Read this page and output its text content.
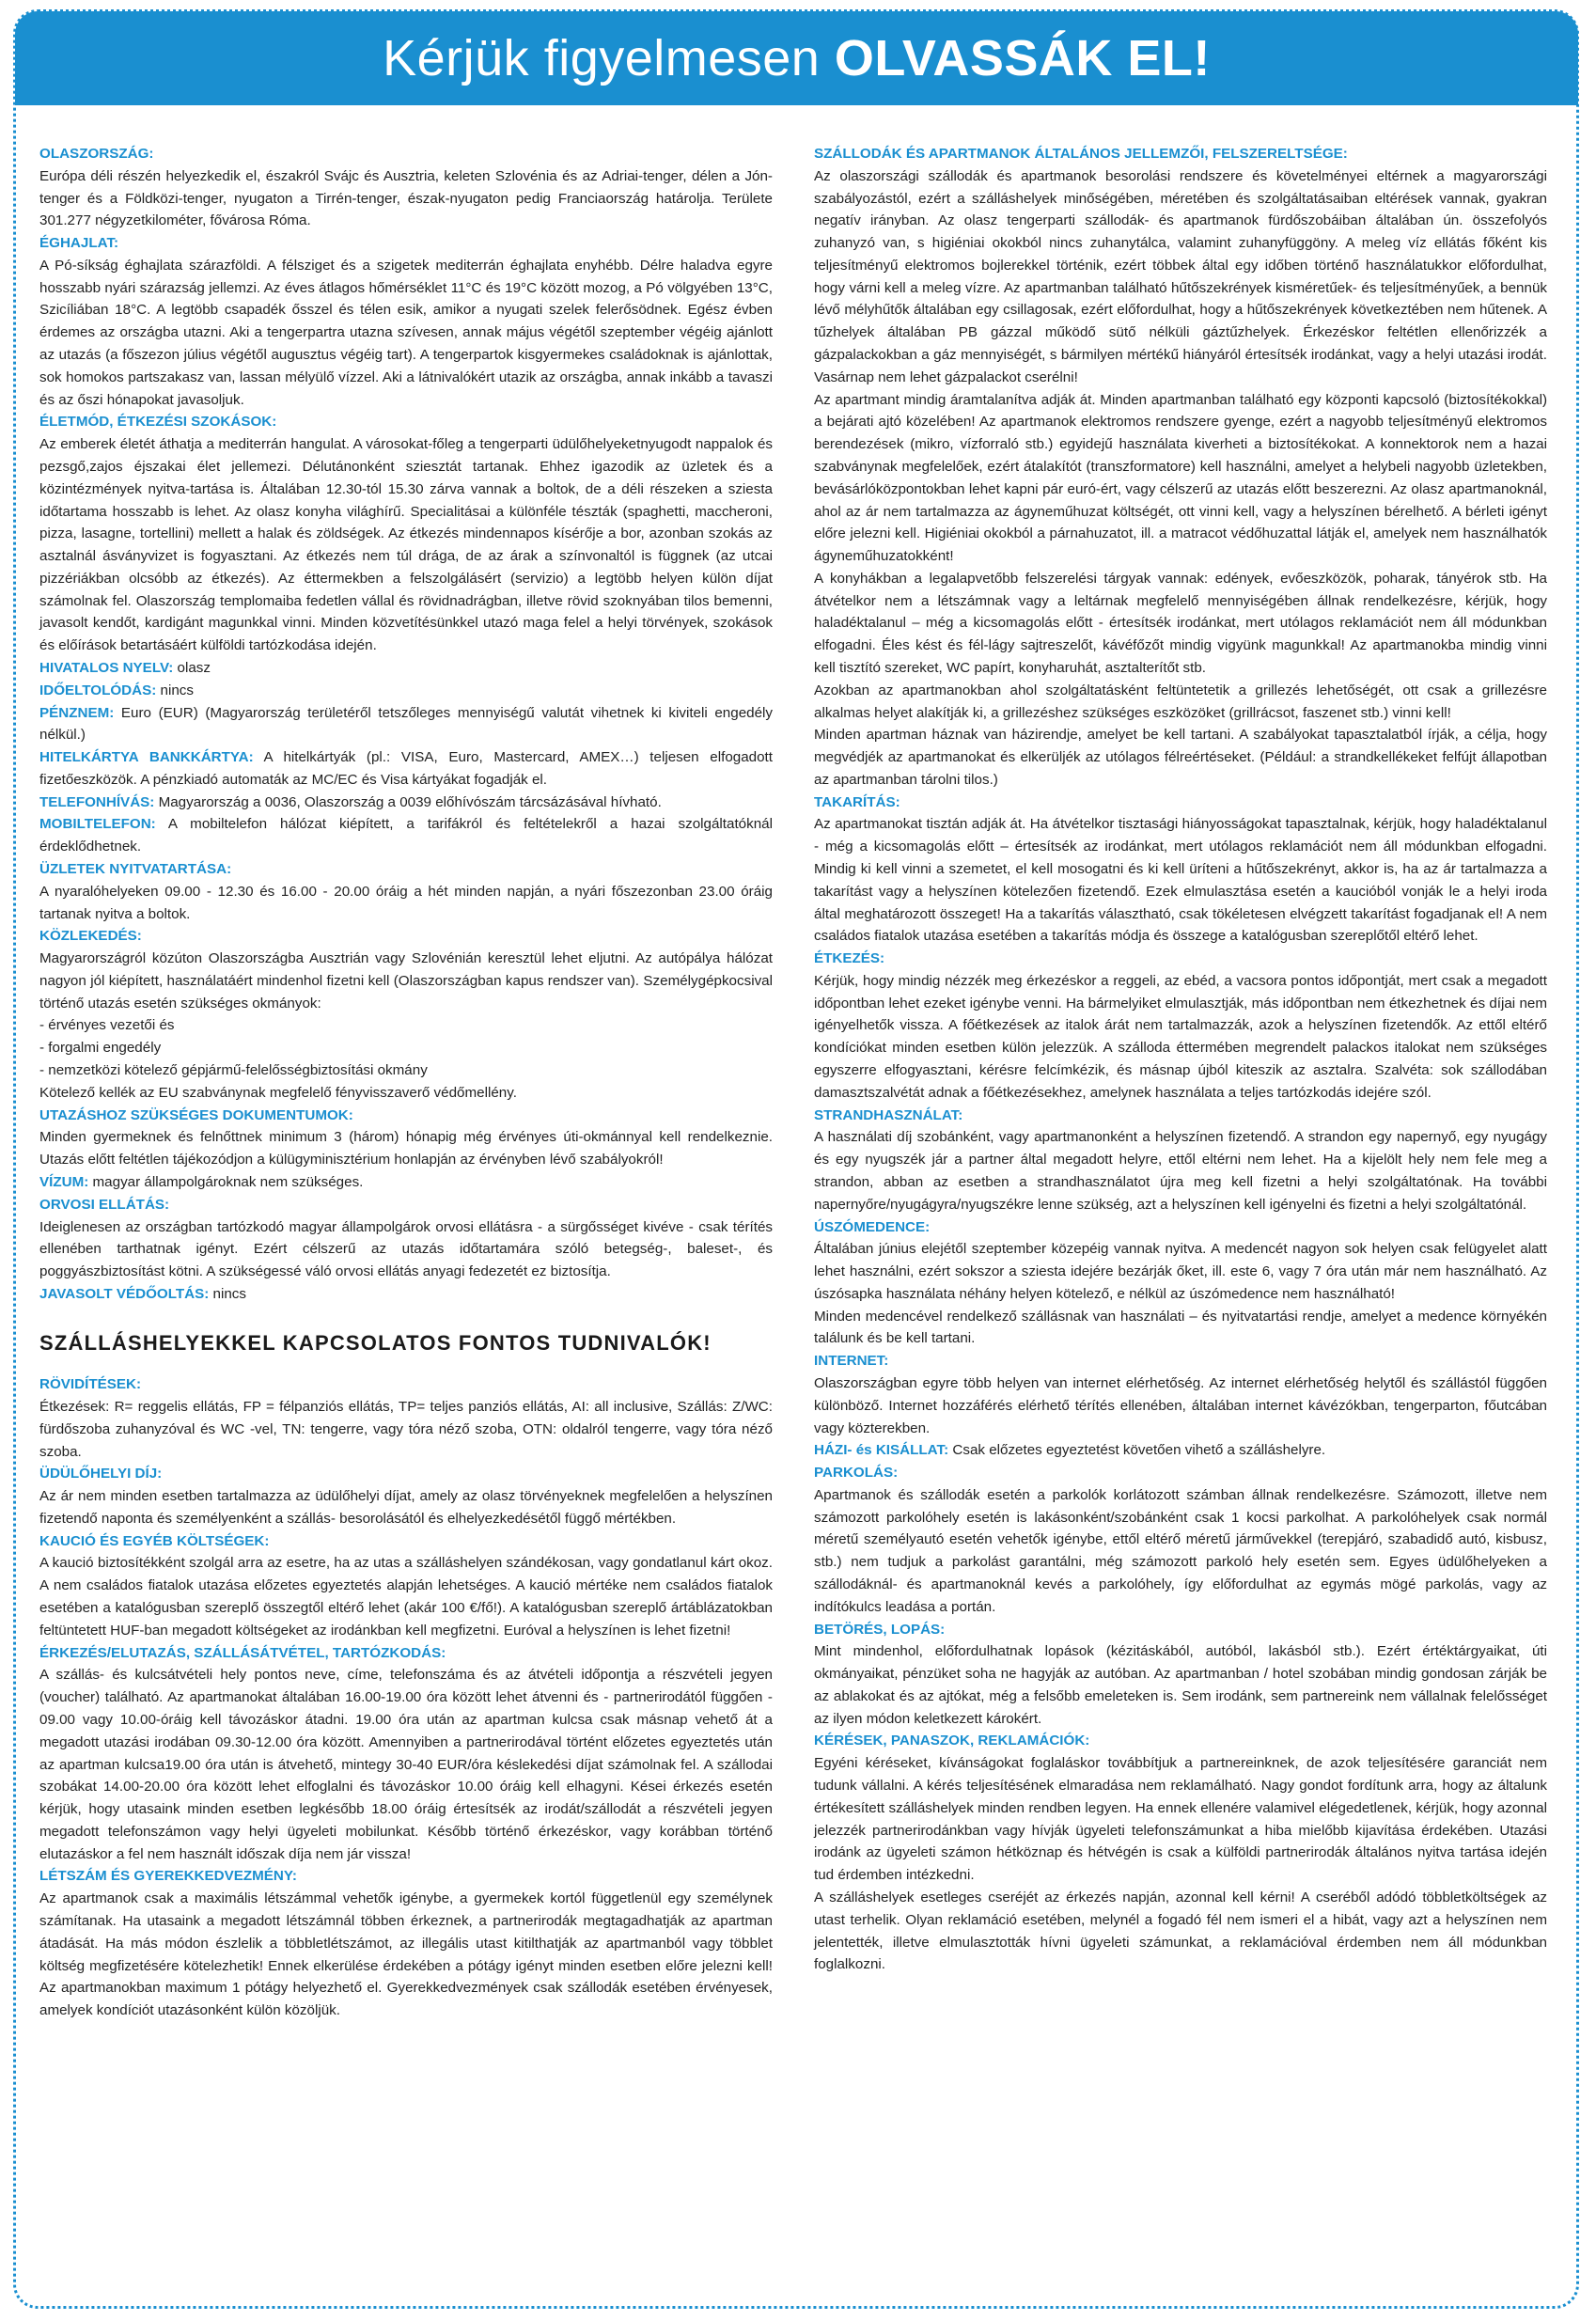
Kérjük figyelmesen OLVASSÁK EL!
OLASZORSZÁG:

Európa déli részén helyezkedik el, északról Svájc és Ausztria, keleten Szlovénia és az Adriai-tenger, délen a Jón-tenger és a Földközi-tenger, nyugaton a Tirrén-tenger, észak-nyugaton pedig Franciaország határolja. Területe 301.277 négyzetkilométer, fővárosa Róma.

ÉGHAJLAT:

A Pó-síkság éghajlata szárazföldi. A félsziget és a szigetek mediterrán éghajlata enyhébb. Délre haladva egyre hosszabb nyári szárazság jellemzi. Az éves átlagos hőmérséklet 11°C és 19°C között mozog, a Pó völgyében 13°C, Szicíliában 18°C. A legtöbb csapadék ősszel és télen esik, amikor a nyugati szelek felerősödnek. Egész évben érdemes az országba utazni. Aki a tengerpartra utazna szívesen, annak május végétől szeptember végéig ajánlott az utazás (a főszezon július végétől augusztus végéig tart). A tengerpartok kisgyermekes családoknak is ajánlottak, sok homokos partszakasz van, lassan mélyülő vízzel. Aki a látnivalókért utazik az országba, annak inkább a tavaszi és az őszi hónapokat javasoljuk.

ÉLETMÓD, ÉTKEZÉSI SZOKÁSOK:

Az emberek életét áthatja a mediterrán hangulat. A városokat-főleg a tengerparti üdülőhelyeketnyugodt nappalok és pezsgő,zajos éjszakai élet jellemezi. Délutánonként sziesztát tartanak. Ehhez igazodik az üzletek és a közintézmények nyitva-tartása is. Általában 12.30-tól 15.30 zárva vannak a boltok, de a déli részeken a sziesta időtartama hosszabb is lehet. Az olasz konyha világhírű. Specialitásai a különféle tészták (spaghetti, maccheroni, pizza, lasagne, tortellini) mellett a halak és zöldségek. Az étkezés mindennapos kísérője a bor, azonban szokás az asztalnál ásványvizet is fogyasztani. Az étkezés nem túl drága, de az árak a színvonaltól is függnek (az utcai pizzériákban olcsóbb az étkezés). Az éttermekben a felszolgálásért (servizio) a legtöbb helyen külön díjat számolnak fel. Olaszország templomaiba fedetlen vállal és rövidnadrágban, illetve rövid szoknyában tilos bemenni, javasolt kendőt, kardigánt magunkkal vinni. Minden közvetítésünkkel utazó maga felel a helyi törvények, szokások és előírások betartásáért külföldi tartózkodása idején.

HIVATALOS NYELV: olasz

IDŐELTOLÓDÁS: nincs

PÉNZNEM: Euro (EUR) (Magyarország területéről tetszőleges mennyiségű valutát vihetnek ki kiviteli engedély nélkül.)

HITELKÁRTYA BANKKÁRTYA: A hitelkártyák (pl.: VISA, Euro, Mastercard, AMEX…) teljesen elfogadott fizetőeszközök. A pénzkiadó automaták az MC/EC és Visa kártyákat fogadják el.

TELEFONHÍVÁS: Magyarország a 0036, Olaszország a 0039 előhívószám tárcsázásával hívható.

MOBILTELEFON: A mobiltelefon hálózat kiépített, a tarifákról és feltételekről a hazai szolgáltatóknál érdeklődhetnek.

ÜZLETEK NYITVATARTÁSA:

A nyaralóhelyeken 09.00 - 12.30 és 16.00 - 20.00 óráig a hét minden napján, a nyári főszezonban 23.00 óráig tartanak nyitva a boltok.

KÖZLEKEDÉS:

Magyarországról közúton Olaszországba Ausztrián vagy Szlovénián keresztül lehet eljutni. Az autópálya hálózat nagyon jól kiépített, használatáért mindenhol fizetni kell (Olaszországban kapus rendszer van). Személygépkocsival történő utazás esetén szükséges okmányok:

- érvényes vezetői és

- forgalmi engedély

- nemzetközi kötelező gépjármű-felelősségbiztosítási okmány

Kötelező kellék az EU szabványnak megfelelő fényvisszaverő védőmellény.

UTAZÁSHOZ SZÜKSÉGES DOKUMENTUMOK:

Minden gyermeknek és felnőttnek minimum 3 (három) hónapig még érvényes úti-okmánnyal kell rendelkeznie. Utazás előtt feltétlen tájékozódjon a külügyminisztérium honlapján az érvényben lévő szabályokról!

VÍZUM: magyar állampolgároknak nem szükséges.

ORVOSI ELLÁTÁS:

Ideiglenesen az országban tartózkodó magyar állampolgárok orvosi ellátásra - a sürgősséget kivéve - csak térítés ellenében tarthatnak igényt. Ezért célszerű az utazás időtartamára szóló betegség-, baleset-, és poggyászbiztosítást kötni. A szükségessé váló orvosi ellátás anyagi fedezetét ez biztosítja.

JAVASOLT VÉDŐOLTÁS: nincs

SZÁLLÁSHELYEKKEL KAPCSOLATOS FONTOS TUDNIVALÓK!
RÖVIDÍTÉSEK:

Étkezések: R= reggelis ellátás, FP = félpanziós ellátás, TP= teljes panziós ellátás, AI: all inclusive, Szállás: Z/WC: fürdőszoba zuhanyzóval és WC -vel, TN: tengerre, vagy tóra néző szoba, OTN: oldalról tengerre, vagy tóra néző szoba.

ÜDÜLŐHELYI DÍJ:

Az ár nem minden esetben tartalmazza az üdülőhelyi díjat, amely az olasz törvényeknek megfelelően a helyszínen fizetendő naponta és személyenként a szállás- besorolásától és elhelyezkedésétől függő mértékben.

KAUCIÓ ÉS EGYÉB KÖLTSÉGEK:

A kaució biztosítékként szolgál arra az esetre, ha az utas a szálláshelyen szándékosan, vagy gondatlanul kárt okoz. A nem családos fiatalok utazása előzetes egyeztetés alapján lehetséges. A kaució mértéke nem családos fiatalok esetében a katalógusban szereplő összegtől eltérő lehet (akár 100 €/fő!). A katalógusban szereplő ártáblázatokban feltüntetett HUF-ban megadott költségeket az irodánkban kell megfizetni. Euróval a helyszínen is lehet fizetni!

ÉRKEZÉS/ELUTAZÁS, SZÁLLÁSÁTVÉTEL, TARTÓZKODÁS:

A szállás- és kulcsátvételi hely pontos neve, címe, telefonszáma és az átvételi időpontja a részvételi jegyen (voucher) található. Az apartmanokat általában 16.00-19.00 óra között lehet átvenni és - partnerirodától függően - 09.00 vagy 10.00-óráig kell távozáskor átadni. 19.00 óra után az apartman kulcsa csak másnap vehető át a megadott utazási irodában 09.30-12.00 óra között. Amennyiben a partnerirodával történt előzetes egyeztetés után az apartman kulcsa19.00 óra után is átvehető, mintegy 30-40 EUR/óra késlekedési díjat számolnak fel. A szállodai szobákat 14.00-20.00 óra között lehet elfoglalni és távozáskor 10.00 óráig kell elhagyni. Kései érkezés esetén kérjük, hogy utasaink minden esetben legkésőbb 18.00 óráig értesítsék az irodát/szállodát a részvételi jegyen megadott telefonszámon vagy helyi ügyeleti mobilunkat. Később történő érkezéskor, vagy korábban történő elutazáskor a fel nem használt időszak díja nem jár vissza!

LÉTSZÁM ÉS GYEREKKEDVEZMÉNY:

Az apartmanok csak a maximális létszámmal vehetők igénybe, a gyermekek kortól függetlenül egy személynek számítanak. Ha utasaink a megadott létszámnál többen érkeznek, a partnerirodák megtagadhatják az apartman átadását. Ha más módon észlelik a többletlétszámot, az illegális utast kitilthatják az apartmanból vagy többlet költség megfizetésére kötelezhetik! Ennek elkerülése érdekében a pótágy igényt minden esetben előre jelezni kell! Az apartmanokban maximum 1 pótágy helyezhető el. Gyerekkedvezmények csak szállodák esetében érvényesek, amelyek kondíciót utazásonként külön közöljük.

SZÁLLODÁK ÉS APARTMANOK ÁLTALÁNOS JELLEMZŐI, FELSZERELTSÉGE:

Az olaszországi szállodák és apartmanok besorolási rendszere és követelményei eltérnek a magyarországi szabályozástól, ezért a szálláshelyek minőségében, méretében és szolgáltatásaiban eltérések vannak, gyakran negatív irányban. Az olasz tengerparti szállodák- és apartmanok fürdőszobáiban általában ún. összefolyós zuhanyzó van, s higiéniai okokból nincs zuhanytálca, valamint zuhanyfüggöny. A meleg víz ellátás főként kis teljesítményű elektromos bojlerekkel történik, ezért többek által egy időben történő használatukkor előfordulhat, hogy várni kell a meleg vízre. Az apartmanban található hűtőszekrények kisméretűek- és teljesítményűek, a bennük lévő mélyhűtők általában egy csillagosak, ezért előfordulhat, hogy a hűtőszekrények következtében nem hűtenek. A tűzhelyek általában PB gázzal működő sütő nélküli gáztűzhelyek. Érkezéskor feltétlen ellenőrizzék a gázpalackokban a gáz mennyiségét, s bármilyen mértékű hiányáról értesítsék irodánkat, vagy a helyi utazási irodát. Vasárnap nem lehet gázpalackot cserélni!

Az apartmant mindig áramtalanítva adják át. Minden apartmanban található egy központi kapcsoló (biztosítékokkal) a bejárati ajtó közelében! Az apartmanok elektromos rendszere gyenge, ezért a nagyobb teljesítményű elektromos berendezések (mikro, vízforraló stb.) egyidejű használata kiverheti a biztosítékokat. A konnektorok nem a hazai szabványnak megfelelőek, ezért átalakítót (transzformatore) kell használni, amelyet a helybeli nagyobb üzletekben, bevásárlóközpontokban lehet kapni pár euró-ért, vagy célszerű az utazás előtt beszerezni. Az olasz apartmanoknál, ahol az ár nem tartalmazza az ágyneműhuzat költségét, ott vinni kell, vagy a helyszínen bérelhető. A bérleti igényt előre jelezni kell. Higiéniai okokból a párnahuzatot, ill. a matracot védőhuzattal látják el, amelyek nem használhatók ágyneműhuzatokként!

A konyhákban a legalapvetőbb felszerelési tárgyak vannak: edények, evőeszközök, poharak, tányérok stb. Ha átvételkor nem a létszámnak vagy a leltárnak megfelelő mennyiségében állnak rendelkezésre, kérjük, hogy haladéktalanul – még a kicsomagolás előtt - értesítsék irodánkat, mert utólagos reklamációt nem áll módunkban elfogadni. Éles kést és fél-lágy sajtreszelőt, kávéfőzőt mindig vigyünk magunkkal! Az apartmanokba mindig vinni kell tisztító szereket, WC papírt, konyharuhát, asztalterítőt stb.

Azokban az apartmanokban ahol szolgáltatásként feltüntetetik a grillezés lehetőségét, ott csak a grillezésre alkalmas helyet alakítják ki, a grillezéshez szükséges eszközöket (grillrácsot, faszenet stb.) vinni kell!

Minden apartman háznak van házirendje, amelyet be kell tartani. A szabályokat tapasztalatból írják, a célja, hogy megvédjék az apartmanokat és elkerüljék az utólagos félreértéseket. (Például: a strandkellékeket felfújt állapotban az apartmanban tárolni tilos.)

TAKARÍTÁS:

Az apartmanokat tisztán adják át. Ha átvételkor tisztasági hiányosságokat tapasztalnak, kérjük, hogy haladéktalanul - még a kicsomagolás előtt – értesítsék az irodánkat, mert utólagos reklamációt nem áll módunkban elfogadni. Mindig ki kell vinni a szemetet, el kell mosogatni és ki kell üríteni a hűtőszekrényt, akkor is, ha az ár tartalmazza a takarítást vagy a helyszínen kötelezően fizetendő. Ezek elmulasztása esetén a kaucióból vonják le a helyi iroda által meghatározott összeget! Ha a takarítás választható, csak tökéletesen elvégzett takarítást fogadjanak el! A nem családos fiatalok utazása esetében a takarítás módja és összege a katalógusban szereplőtől eltérő lehet.

ÉTKEZÉS:

Kérjük, hogy mindig nézzék meg érkezéskor a reggeli, az ebéd, a vacsora pontos időpontját, mert csak a megadott időpontban lehet ezeket igénybe venni. Ha bármelyiket elmulasztják, más időpontban nem étkezhetnek és díjai nem igényelhetők vissza. A főétkezések az italok árát nem tartalmazzák, azok a helyszínen fizetendők. Az ettől eltérő kondíciókat minden esetben külön jelezzük. A szálloda éttermében megrendelt palackos italokat nem szükséges egyszerre elfogyasztani, kérésre felcímkézik, és másnap újból kiteszik az asztalra. Szalvéta: sok szállodában damasztszalvétát adnak a főétkezésekhez, amelynek használata a teljes tartózkodás idejére szól.

STRANDHASZNÁLAT:

A használati díj szobánként, vagy apartmanonként a helyszínen fizetendő. A strandon egy napernyő, egy nyugágy és egy nyugszék jár a partner által megadott helyre, ettől eltérni nem lehet. Ha a kijelölt hely nem fele meg a strandon, abban az esetben a strandhasználatot újra meg kell fizetni a helyi szolgáltatónak. Ha további napernyőre/nyugágyra/nyugszékre lenne szükség, azt a helyszínen kell igényelni és fizetni a helyi szolgáltatónál.

ÚSZÓMEDENCE:

Általában június elejétől szeptember közepéig vannak nyitva. A medencét nagyon sok helyen csak felügyelet alatt lehet használni, ezért sokszor a sziesta idejére bezárják őket, ill. este 6, vagy 7 óra után már nem használható. Az úszósapka használata néhány helyen kötelező, e nélkül az úszómedence nem használható!

Minden medencével rendelkező szállásnak van használati – és nyitvatartási rendje, amelyet a medence környékén találunk és be kell tartani.

INTERNET:

Olaszországban egyre több helyen van internet elérhetőség. Az internet elérhetőség helytől és szállástól függően különböző. Internet hozzáférés elérhető térítés ellenében, általában internet kávézókban, tengerparton, főutcában vagy közterekben.

HÁZI- és KISÁLLAT: Csak előzetes egyeztetést követően vihető a szálláshelyre.

PARKOLÁS:

Apartmanok és szállodák esetén a parkolók korlátozott számban állnak rendelkezésre. Számozott, illetve nem számozott parkolóhely esetén is lakásonként/szobánként csak 1 kocsi parkolhat. A parkolóhelyek csak normál méretű személyautó esetén vehetők igénybe, ettől eltérő méretű járművekkel (terepjáró, szabadidő autó, kisbusz, stb.) nem tudjuk a parkolást garantálni, még számozott parkoló hely esetén sem. Egyes üdülőhelyeken a szállodáknál- és apartmanoknál kevés a parkolóhely, így előfordulhat az egymás mögé parkolás, vagy az indítókulcs leadása a portán.

BETÖRÉS, LOPÁS:

Mint mindenhol, előfordulhatnak lopások (kézitáskából, autóból, lakásból stb.). Ezért értéktárgyaikat, úti okmányaikat, pénzüket soha ne hagyják az autóban. Az apartmanban / hotel szobában mindig gondosan zárják be az ablakokat és az ajtókat, még a felsőbb emeleteken is. Sem irodánk, sem partnereink nem vállalnak felelősséget az ilyen módon keletkezett károkért.

KÉRÉSEK, PANASZOK, REKLAMÁCIÓK:

Egyéni kéréseket, kívánságokat foglaláskor továbbítjuk a partnereinknek, de azok teljesítésére garanciát nem tudunk vállalni. A kérés teljesítésének elmaradása nem reklamálható. Nagy gondot fordítunk arra, hogy az általunk értékesített szálláshelyek minden rendben legyen. Ha ennek ellenére valamivel elégedetlenek, kérjük, hogy azonnal jelezzék partnerirodánkban vagy hívják ügyeleti telefonszámunkat a hiba mielőbb kijavítása érdekében. Utazási irodánk az ügyeleti számon hétköznap és hétvégén is csak a külföldi partnerirodák általános nyitva tartása idején tud érdemben intézkedni.

A szálláshelyek esetleges cseréjét az érkezés napján, azonnal kell kérni! A cseréből adódó többletköltségek az utast terhelik. Olyan reklamáció esetében, melynél a fogadó fél nem ismeri el a hibát, vagy azt a helyszínen nem jelentették, illetve elmulasztották hívni ügyeleti számunkat, a reklamációval érdemben nem áll módunkban foglalkozni.
